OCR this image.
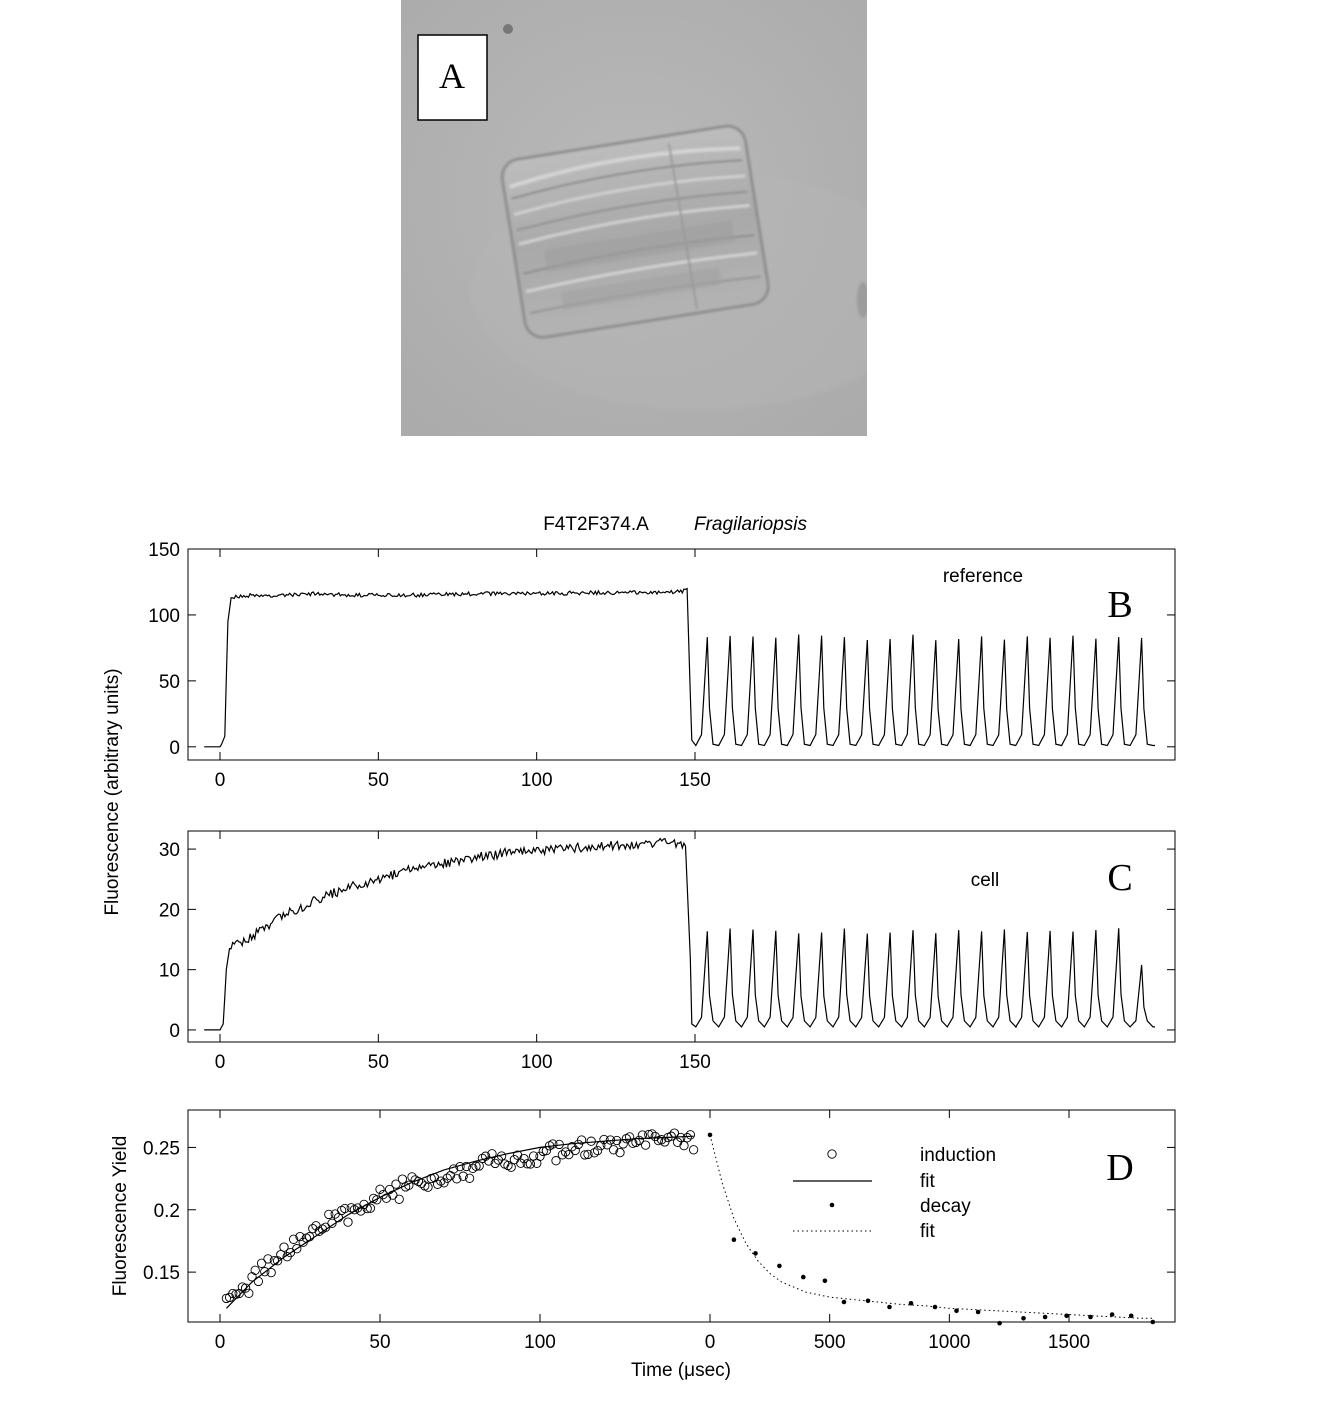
A
F4T2F374.A Fragilariopsis
Fluorescence (arbitrary units) 0
50
100
150
0	50	100	150
reference
B
0
10
20
30
0	50	100	150
cell	C
0.15
0.2
0.25
0	50	100	0	500	1000	1500
induction
fit
decay
fit
D
Time (μsec)
Fluorescence Yield
